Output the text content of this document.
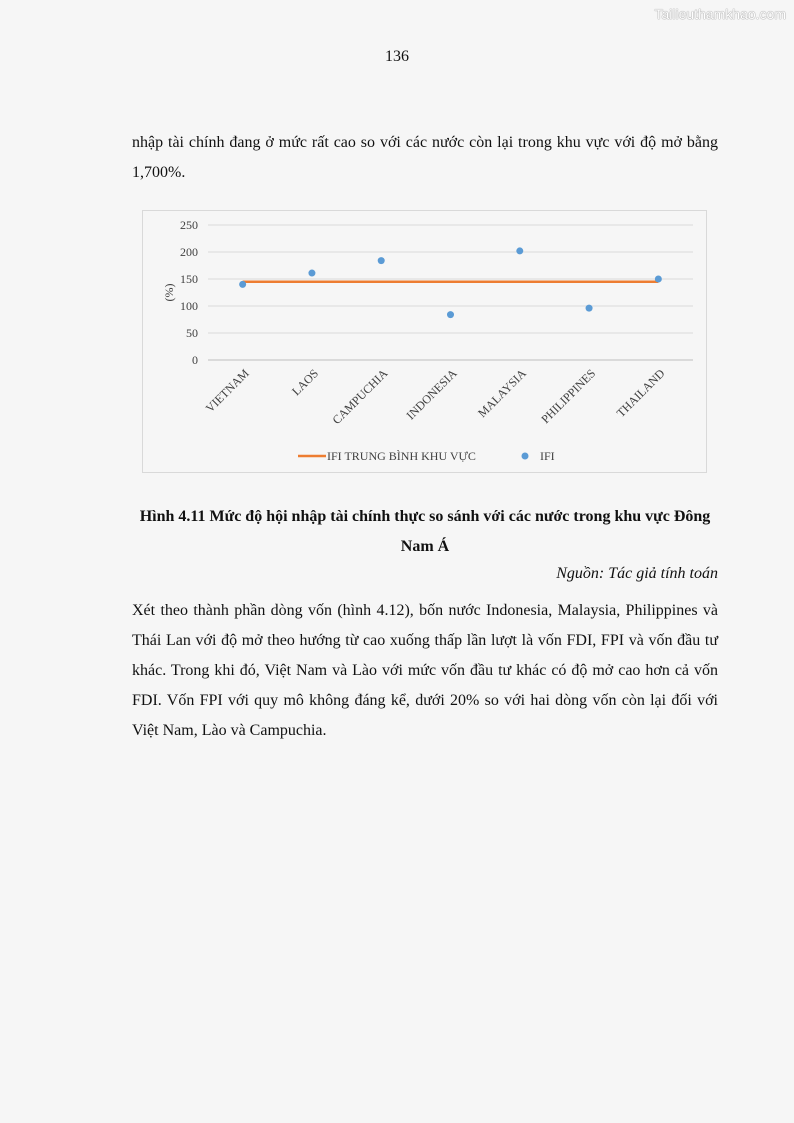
Tailieuthamkhao.com
136

nhập tài chính đang ở mức rất cao so với các nước còn lại trong khu vực với độ mở bằng 1,700%.

250
200
150
100
50
0
(%)
VIETNAM	LAOS CAMPUCHIA INDONESIA MALAYSIA PHILIPPINES THAILAND
IFI TRUNG BÌNH KHU VỰC	IFI

Hình 4.11 Mức độ hội nhập tài chính thực so sánh với các nước trong khu vực Đông Nam Á

Nguồn: Tác giả tính toán

Xét theo thành phần dòng vốn (hình 4.12), bốn nước Indonesia, Malaysia, Philippines và Thái Lan với độ mở theo hướng từ cao xuống thấp lần lượt là vốn FDI, FPI và vốn đầu tư khác. Trong khi đó, Việt Nam và Lào với mức vốn đầu tư khác có độ mở cao hơn cả vốn FDI. Vốn FPI với quy mô không đáng kể, dưới 20% so với hai dòng vốn còn lại đối với Việt Nam, Lào và Campuchia.
